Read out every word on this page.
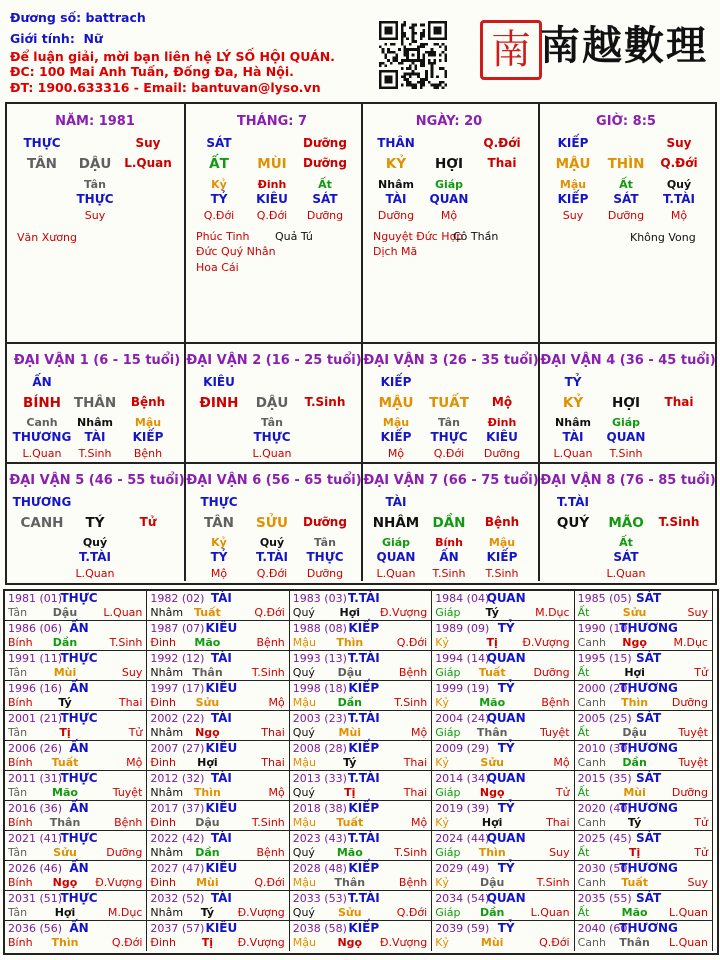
Đương số: battrach
Giới tính: Nữ
Để luận giải, mời bạn liên hệ LÝ SỐ HỘI QUÁN.
ĐC: 100 Mai Anh Tuấn, Đống Đa, Hà Nội.
ĐT: 1900.633316 - Email: bantuvan@lyso.vn
南 南越數理
NĂM: 1981
THỰC	Suy
TÂN DẬU L.Quan
Tân
THỰC
Suy
THÁNG: 7
SÁT	Dưỡng
ẤT MÙI Dưỡng
Kỷ	Đinh	Ất
TỶ KIÊU SÁT
Q.Đới Q.Đới Dưỡng
NGÀY: 20
THÂN	Q.Đới
KỶ HỢI Thai
Nhâm Giáp
TÀI QUAN
Dưỡng Mộ
GIỜ: 8:5
KIẾP	Suy
MẬU THÌN Q.Đới
Mậu	Ất	Quý
KIẾP SÁT T.TÀI
Suy Dưỡng Mộ
Văn Xương	Phúc Tinh Quả Tú
Đức Quý Nhân
Hoa Cái
Nguyệt Đức Hợp
Cô Thần
Dịch Mã
Không Vong
ĐẠI VẬN 1 (6 - 15 tuổi)
ẤN
BÍNH THÂN Bệnh
Canh Nhâm Mậu
THƯƠNG TÀI KIẾP
L.Quan T.Sinh Bệnh
ĐẠI VẬN 2 (16 - 25 tuổi)
KIÊU
ĐINH DẬU T.Sinh
Tân
THỰC
L.Quan
ĐẠI VẬN 3 (26 - 35 tuổi)
KIẾP
MẬU TUẤT Mộ
Mậu	Tân	Đinh
KIẾP THỰC KIÊU
Mộ	Q.Đới Dưỡng
ĐẠI VẬN 4 (36 - 45 tuổi)
TỶ
KỶ HỢI Thai
Nhâm Giáp
TÀI QUAN
L.Quan T.Sinh
ĐẠI VẬN 5 (46 - 55 tuổi)
THƯƠNG
CANH TÝ	Tử
Quý
T.TÀI
L.Quan
ĐẠI VẬN 6 (56 - 65 tuổi)
THỰC
TÂN SỬU Dưỡng
Kỷ	Quý	Tân
TỶ T.TÀI THỰC
Mộ	Q.Đới Dưỡng
ĐẠI VẬN 7 (66 - 75 tuổi)
TÀI
NHÂM DẦN Bệnh
Giáp Bính Mậu
QUAN ẤN KIẾP
L.Quan T.Sinh T.Sinh
ĐẠI VẬN 8 (76 - 85 tuổi)
T.TÀI
QUÝ MÃO T.Sinh
Ất
SÁT
L.Quan
1981 (01)
THỰC
Tân Dậu L.Quan
1982 (02) TÀI
Nhâm Tuất	Q.Đới
1983 (03) T.TÀI
Quý Hợi Đ.Vượng
1984 (04)
QUAN
Giáp Tý	M.Dục
1985 (05) SÁT
Ất	Sửu	Suy
1986 (06) ẤN
Bính Dần	T.Sinh
1987 (07) KIÊU
Đinh Mão	Bệnh
1988 (08) KIẾP
Mậu Thìn	Q.Đới
1989 (09) TỶ
Kỷ	Tị Đ.Vượng
1990 (10)
THƯƠNG
Canh Ngọ M.Dục
1991 (11)
THỰC
Tân Mùi	Suy
1992 (12) TÀI
Nhâm Thân	T.Sinh
1993 (13) T.TÀI
Quý Dậu	Bệnh
1994 (14)
QUAN
Giáp Tuất	Dưỡng
1995 (15) SÁT
Ất	Hợi	Tử
1996 (16) ẤN
Bính Tý	Thai
1997 (17) KIÊU
Đinh Sửu	Mộ
1998 (18) KIẾP
Mậu Dần	T.Sinh
1999 (19) TỶ
Kỷ	Mão	Bệnh
2000 (20)
THƯƠNG
Canh Thìn Dưỡng
2001 (21)
THỰC
Tân	Tị	Tử
2002 (22) TÀI
Nhâm Ngọ	Thai
2003 (23) T.TÀI
Quý Mùi	Mộ
2004 (24)
QUAN
Giáp Thân	Tuyệt
2005 (25) SÁT
Ất	Dậu	Tuyệt
2006 (26) ẤN
Bính Tuất	Mộ
2007 (27) KIÊU
Đinh Hợi	Thai
2008 (28) KIẾP
Mậu Tý	Thai
2009 (29) TỶ
Kỷ	Sửu	Mộ
2010 (30)
THƯƠNG
Canh Dần	Tuyệt
2011 (31)
THỰC
Tân Mão	Tuyệt
2012 (32) TÀI
Nhâm Thìn	Mộ
2013 (33) T.TÀI
Quý	Tị	Thai
2014 (34)
QUAN
Giáp Ngọ	Tử
2015 (35) SÁT
Ất	Mùi Dưỡng
2016 (36) ẤN
Bính Thân	Bệnh
2017 (37) KIÊU
Đinh Dậu	T.Sinh
2018 (38) KIẾP
Mậu Tuất	Mộ
2019 (39) TỶ
Kỷ	Hợi	Thai
2020 (40)
THƯƠNG
Canh Tý	Tử
2021 (41)
THỰC
Tân Sửu	Dưỡng
2022 (42) TÀI
Nhâm Dần	Bệnh
2023 (43) T.TÀI
Quý Mão	T.Sinh
2024 (44)
QUAN
Giáp Thìn	Suy
2025 (45) SÁT
Ất	Tị	Tử
2026 (46) ẤN
Bính Ngọ Đ.Vượng
2027 (47) KIÊU
Đinh Mùi	Q.Đới
2028 (48) KIẾP
Mậu Thân	Bệnh
2029 (49) TỶ
Kỷ	Dậu	T.Sinh
2030 (50)
THƯƠNG
Canh Tuất	Suy
2031 (51)
THỰC
Tân	Hợi	M.Dục
2032 (52) TÀI
Nhâm Tý Đ.Vượng
2033 (53) T.TÀI
Quý Sửu	Q.Đới
2034 (54)
QUAN
Giáp Dần L.Quan
2035 (55) SÁT
Ất	Mão L.Quan
2036 (56) ẤN
Bính Thìn	Q.Đới
2037 (57) KIÊU
Đinh Tị Đ.Vượng
2038 (58) KIẾP
Mậu Ngọ Đ.Vượng
2039 (59) TỶ
Kỷ	Mùi	Q.Đới
2040 (60)
THƯƠNG
Canh Thân L.Quan
